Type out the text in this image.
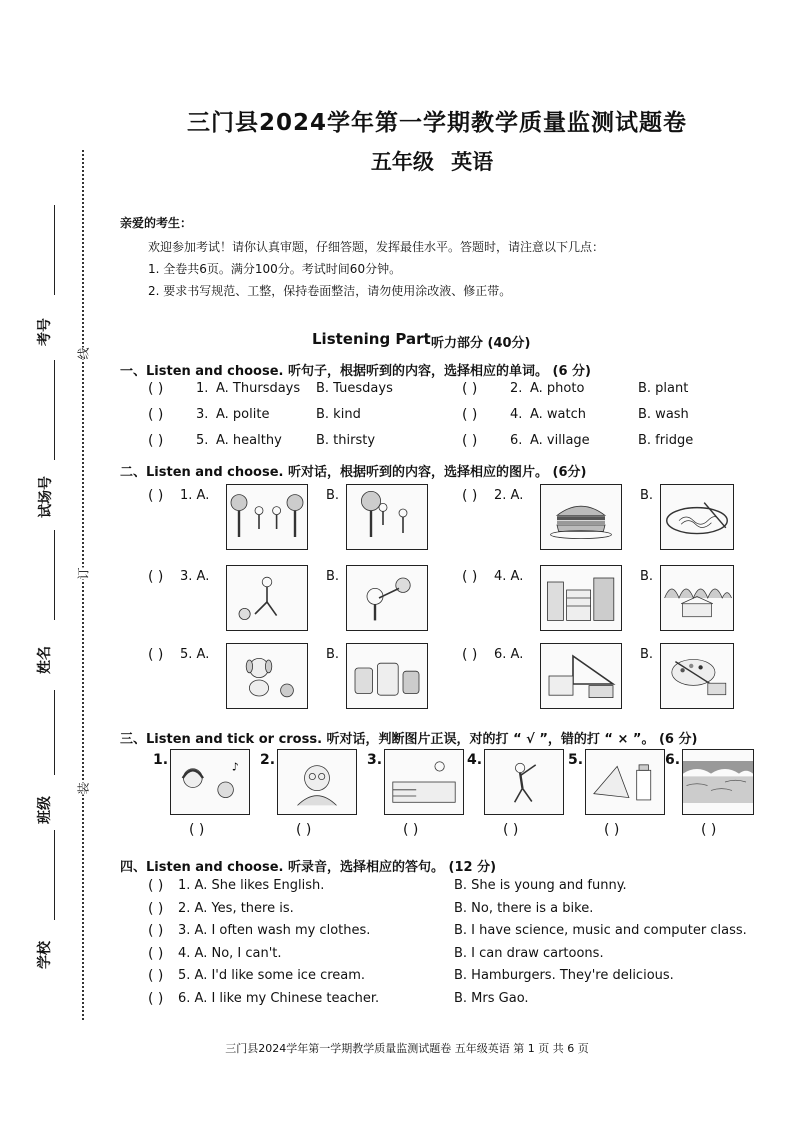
考号
试场号
姓名
班级
学校
线
订
装
三门县2024学年第一学期教学质量监测试题卷
五年级 英语
亲爱的考生：
欢迎参加考试！请你认真审题，仔细答题，发挥最佳水平。答题时，请注意以下几点：
1. 全卷共6页。满分100分。考试时间60分钟。
2. 要求书写规范、工整，保持卷面整洁，请勿使用涂改液、修正带。
Listening Part 听力部分 (40分)
一、Listen and choose. 听句子，根据听到的内容，选择相应的单词。 (6 分)
( )	1. A. Thursdays B. Tuesdays	( )	2. A. photo	B. plant
( )	3. A. polite	B. kind	( )	4. A. watch	B. wash
( )	5. A. healthy	B. thirsty	( )	6. A. village	B. fridge
二、Listen and choose. 听对话，根据听到的内容，选择相应的图片。 (6分)
( ) 1. A.	B.	( ) 2. A.	B.
( ) 3. A.	B.	( ) 4. A.	B.
( ) 5. A.	B.	( ) 6. A.	B.
三、Listen and tick or cross. 听对话，判断图片正误，对的打 “ √ ”，错的打 “ × ”。 (6 分)
1.	♪
( )
2.
( )
3.
( )
4.
( )
5.
( )
6.
( )
四、Listen and choose. 听录音，选择相应的答句。 (12 分)
( ) 1. A. She likes English.	B. She is young and funny.
( ) 2. A. Yes, there is.	B. No, there is a bike.
( ) 3. A. I often wash my clothes.	B. I have science, music and computer class.
( ) 4. A. No, I can't.	B. I can draw cartoons.
( ) 5. A. I'd like some ice cream.	B. Hamburgers. They're delicious.
( ) 6. A. I like my Chinese teacher.	B. Mrs Gao.
三门县2024学年第一学期教学质量监测试题卷 五年级英语 第 1 页 共 6 页
